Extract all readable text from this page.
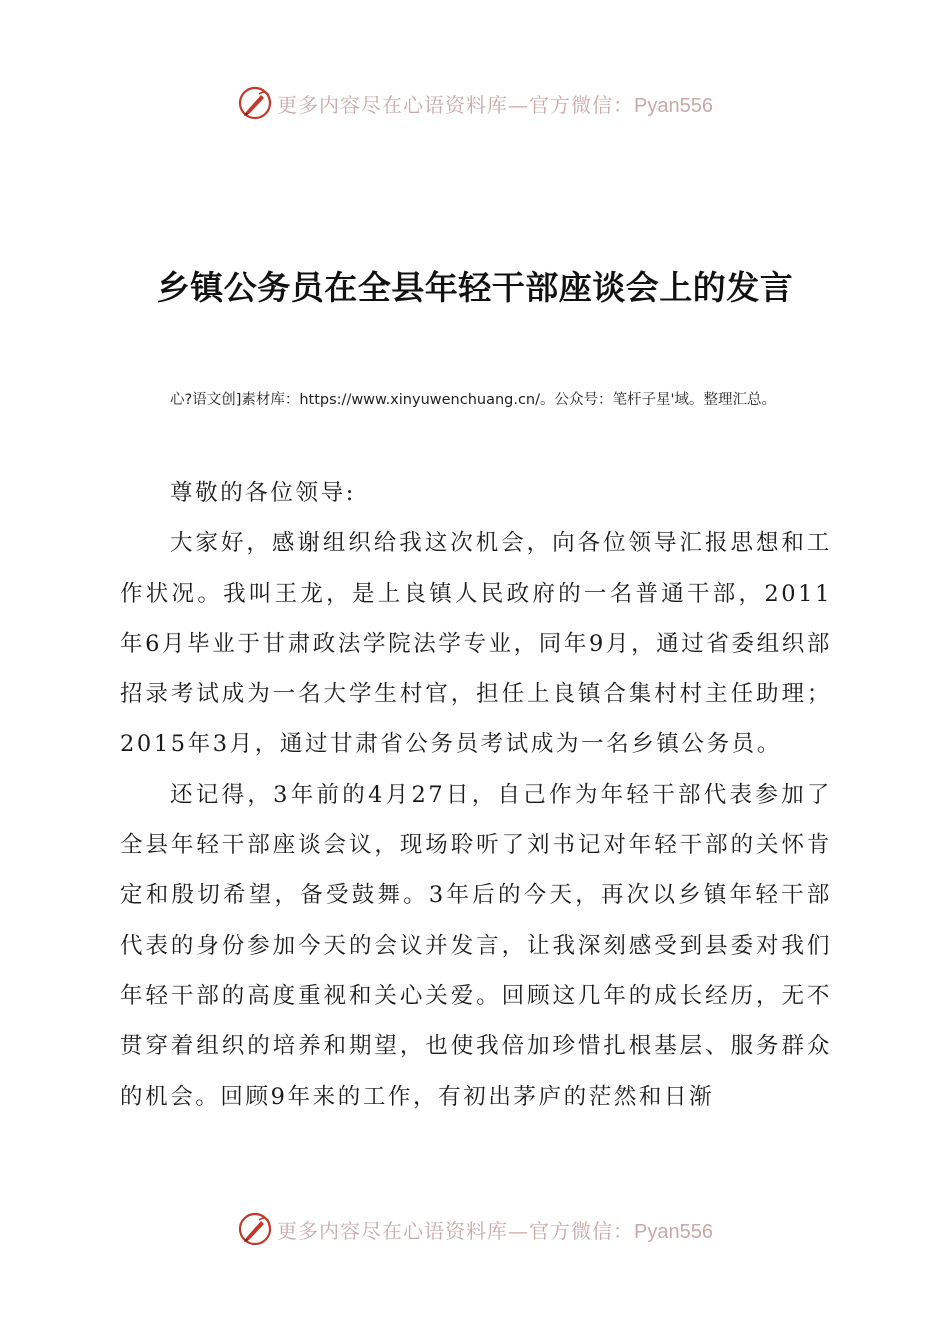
更多内容尽在心语资料库—官方微信：Pyan556
乡镇公务员在全县年轻干部座谈会上的发言
心?语文创]素材库：https://www.xinyuwenchuang.cn/。公众号：笔杆子星'域。整理汇总。

尊敬的各位领导:

大家好，感谢组织给我这次机会，向各位领导汇报思想和工作状况。我叫王龙，是上良镇人民政府的一名普通干部，2011年6月毕业于甘肃政法学院法学专业，同年9月，通过省委组织部招录考试成为一名大学生村官，担任上良镇合集村村主任助理；2015年3月，通过甘肃省公务员考试成为一名乡镇公务员。

还记得，3年前的4月27日，自己作为年轻干部代表参加了全县年轻干部座谈会议，现场聆听了刘书记对年轻干部的关怀肯定和殷切希望，备受鼓舞。3年后的今天，再次以乡镇年轻干部代表的身份参加今天的会议并发言，让我深刻感受到县委对我们年轻干部的高度重视和关心关爱。回顾这几年的成长经历，无不贯穿着组织的培养和期望，也使我倍加珍惜扎根基层、服务群众的机会。回顾9年来的工作，有初出茅庐的茫然和日渐

更多内容尽在心语资料库—官方微信：Pyan556
